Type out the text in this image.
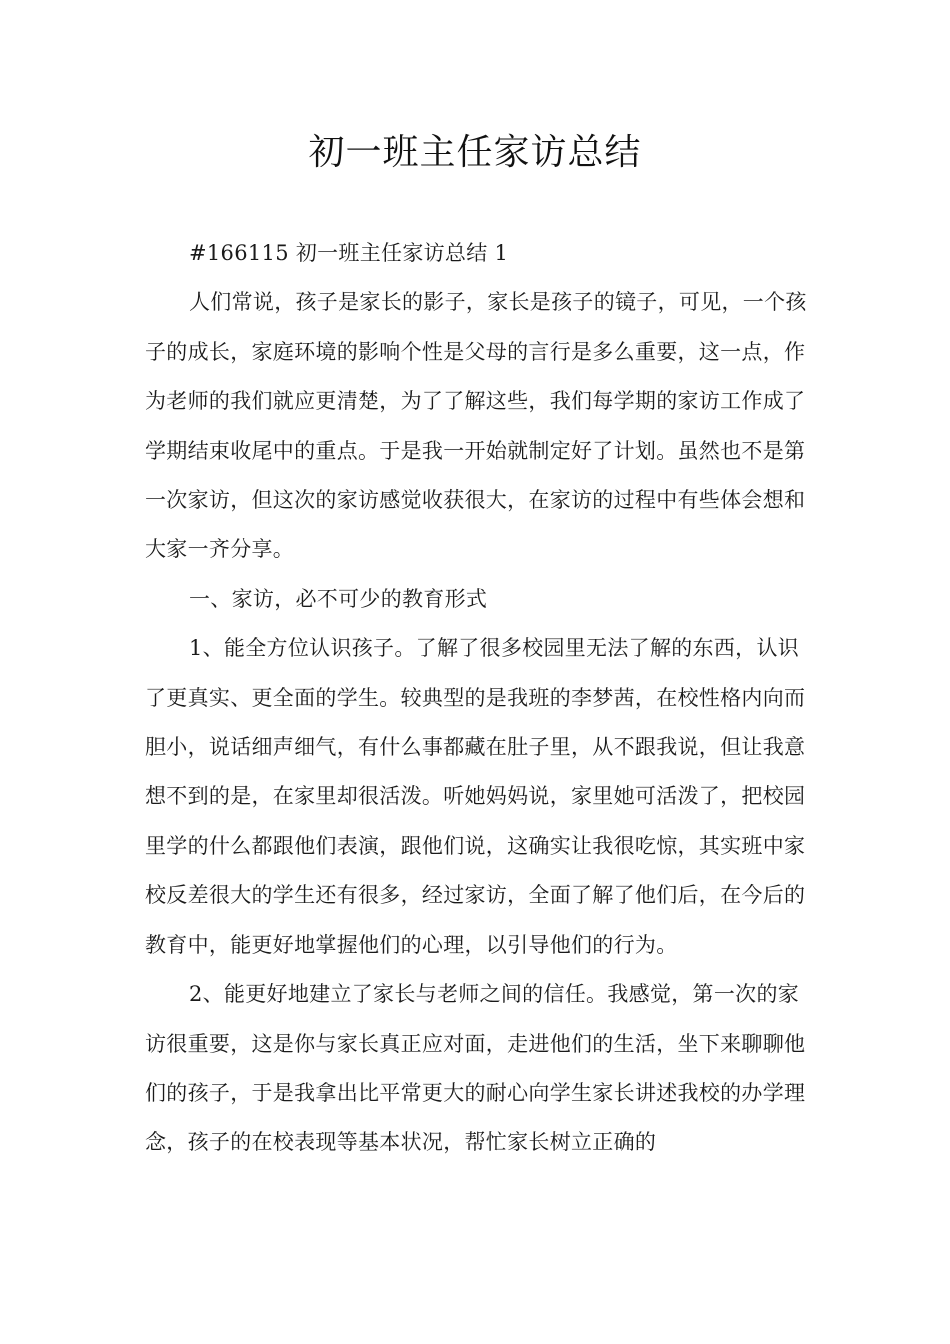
初一班主任家访总结

#166115 初一班主任家访总结 1

人们常说，孩子是家长的影子，家长是孩子的镜子，可见，一个孩子的成长，家庭环境的影响个性是父母的言行是多么重要，这一点，作为老师的我们就应更清楚，为了了解这些，我们每学期的家访工作成了学期结束收尾中的重点。于是我一开始就制定好了计划。虽然也不是第一次家访，但这次的家访感觉收获很大，在家访的过程中有些体会想和大家一齐分享。

一、家访，必不可少的教育形式

1、能全方位认识孩子。了解了很多校园里无法了解的东西，认识了更真实、更全面的学生。较典型的是我班的李梦茜，在校性格内向而胆小，说话细声细气，有什么事都藏在肚子里，从不跟我说，但让我意想不到的是，在家里却很活泼。听她妈妈说，家里她可活泼了，把校园里学的什么都跟他们表演，跟他们说，这确实让我很吃惊，其实班中家校反差很大的学生还有很多，经过家访，全面了解了他们后，在今后的教育中，能更好地掌握他们的心理，以引导他们的行为。

2、能更好地建立了家长与老师之间的信任。我感觉，第一次的家访很重要，这是你与家长真正应对面，走进他们的生活，坐下来聊聊他们的孩子，于是我拿出比平常更大的耐心向学生家长讲述我校的办学理念，孩子的在校表现等基本状况，帮忙家长树立正确的
